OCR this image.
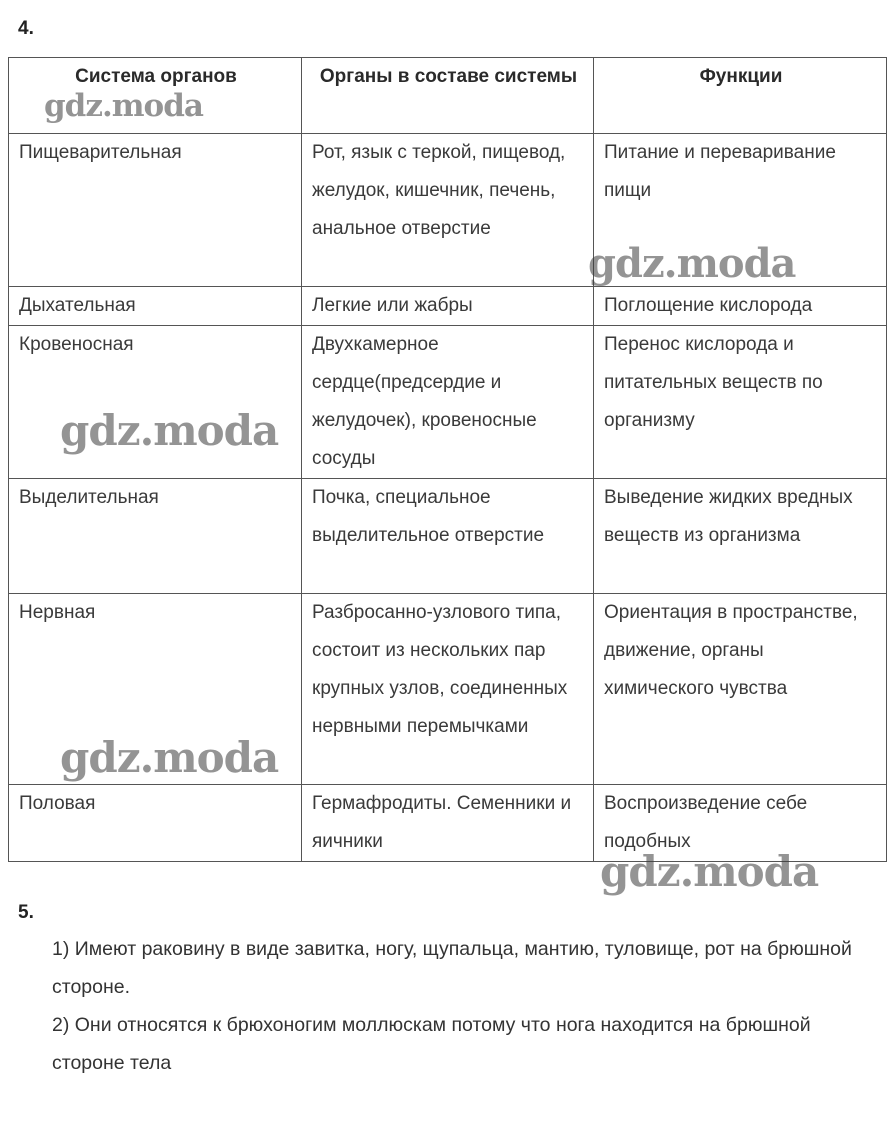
4.
Система органов	Органы в составе системы	Функции
Пищеварительная	Рот, язык с теркой, пищевод, желудок, кишечник, печень, анальное отверстие	Питание и переваривание пищи
Дыхательная	Легкие или жабры	Поглощение кислорода
Кровеносная	Двухкамерное сердце(предсердие и желудочек), кровеносные сосуды	Перенос кислорода и питательных веществ по организму
Выделительная	Почка, специальное выделительное отверстие	Выведение жидких вредных веществ из организма
Нервная	Разбросанно-узлового типа, состоит из нескольких пар крупных узлов, соединенных нервными перемычками	Ориентация в пространстве, движение, органы химического чувства
Половая	Гермафродиты. Семенники и яичники	Воспроизведение себе подобных
5.

1) Имеют раковину в виде завитка, ногу, щупальца, мантию, туловище, рот на брюшной стороне.

2) Они относятся к брюхоногим моллюскам потому что нога находится на брюшной стороне тела

gdz.moda
gdz.moda
gdz.moda
gdz.moda
gdz.moda
